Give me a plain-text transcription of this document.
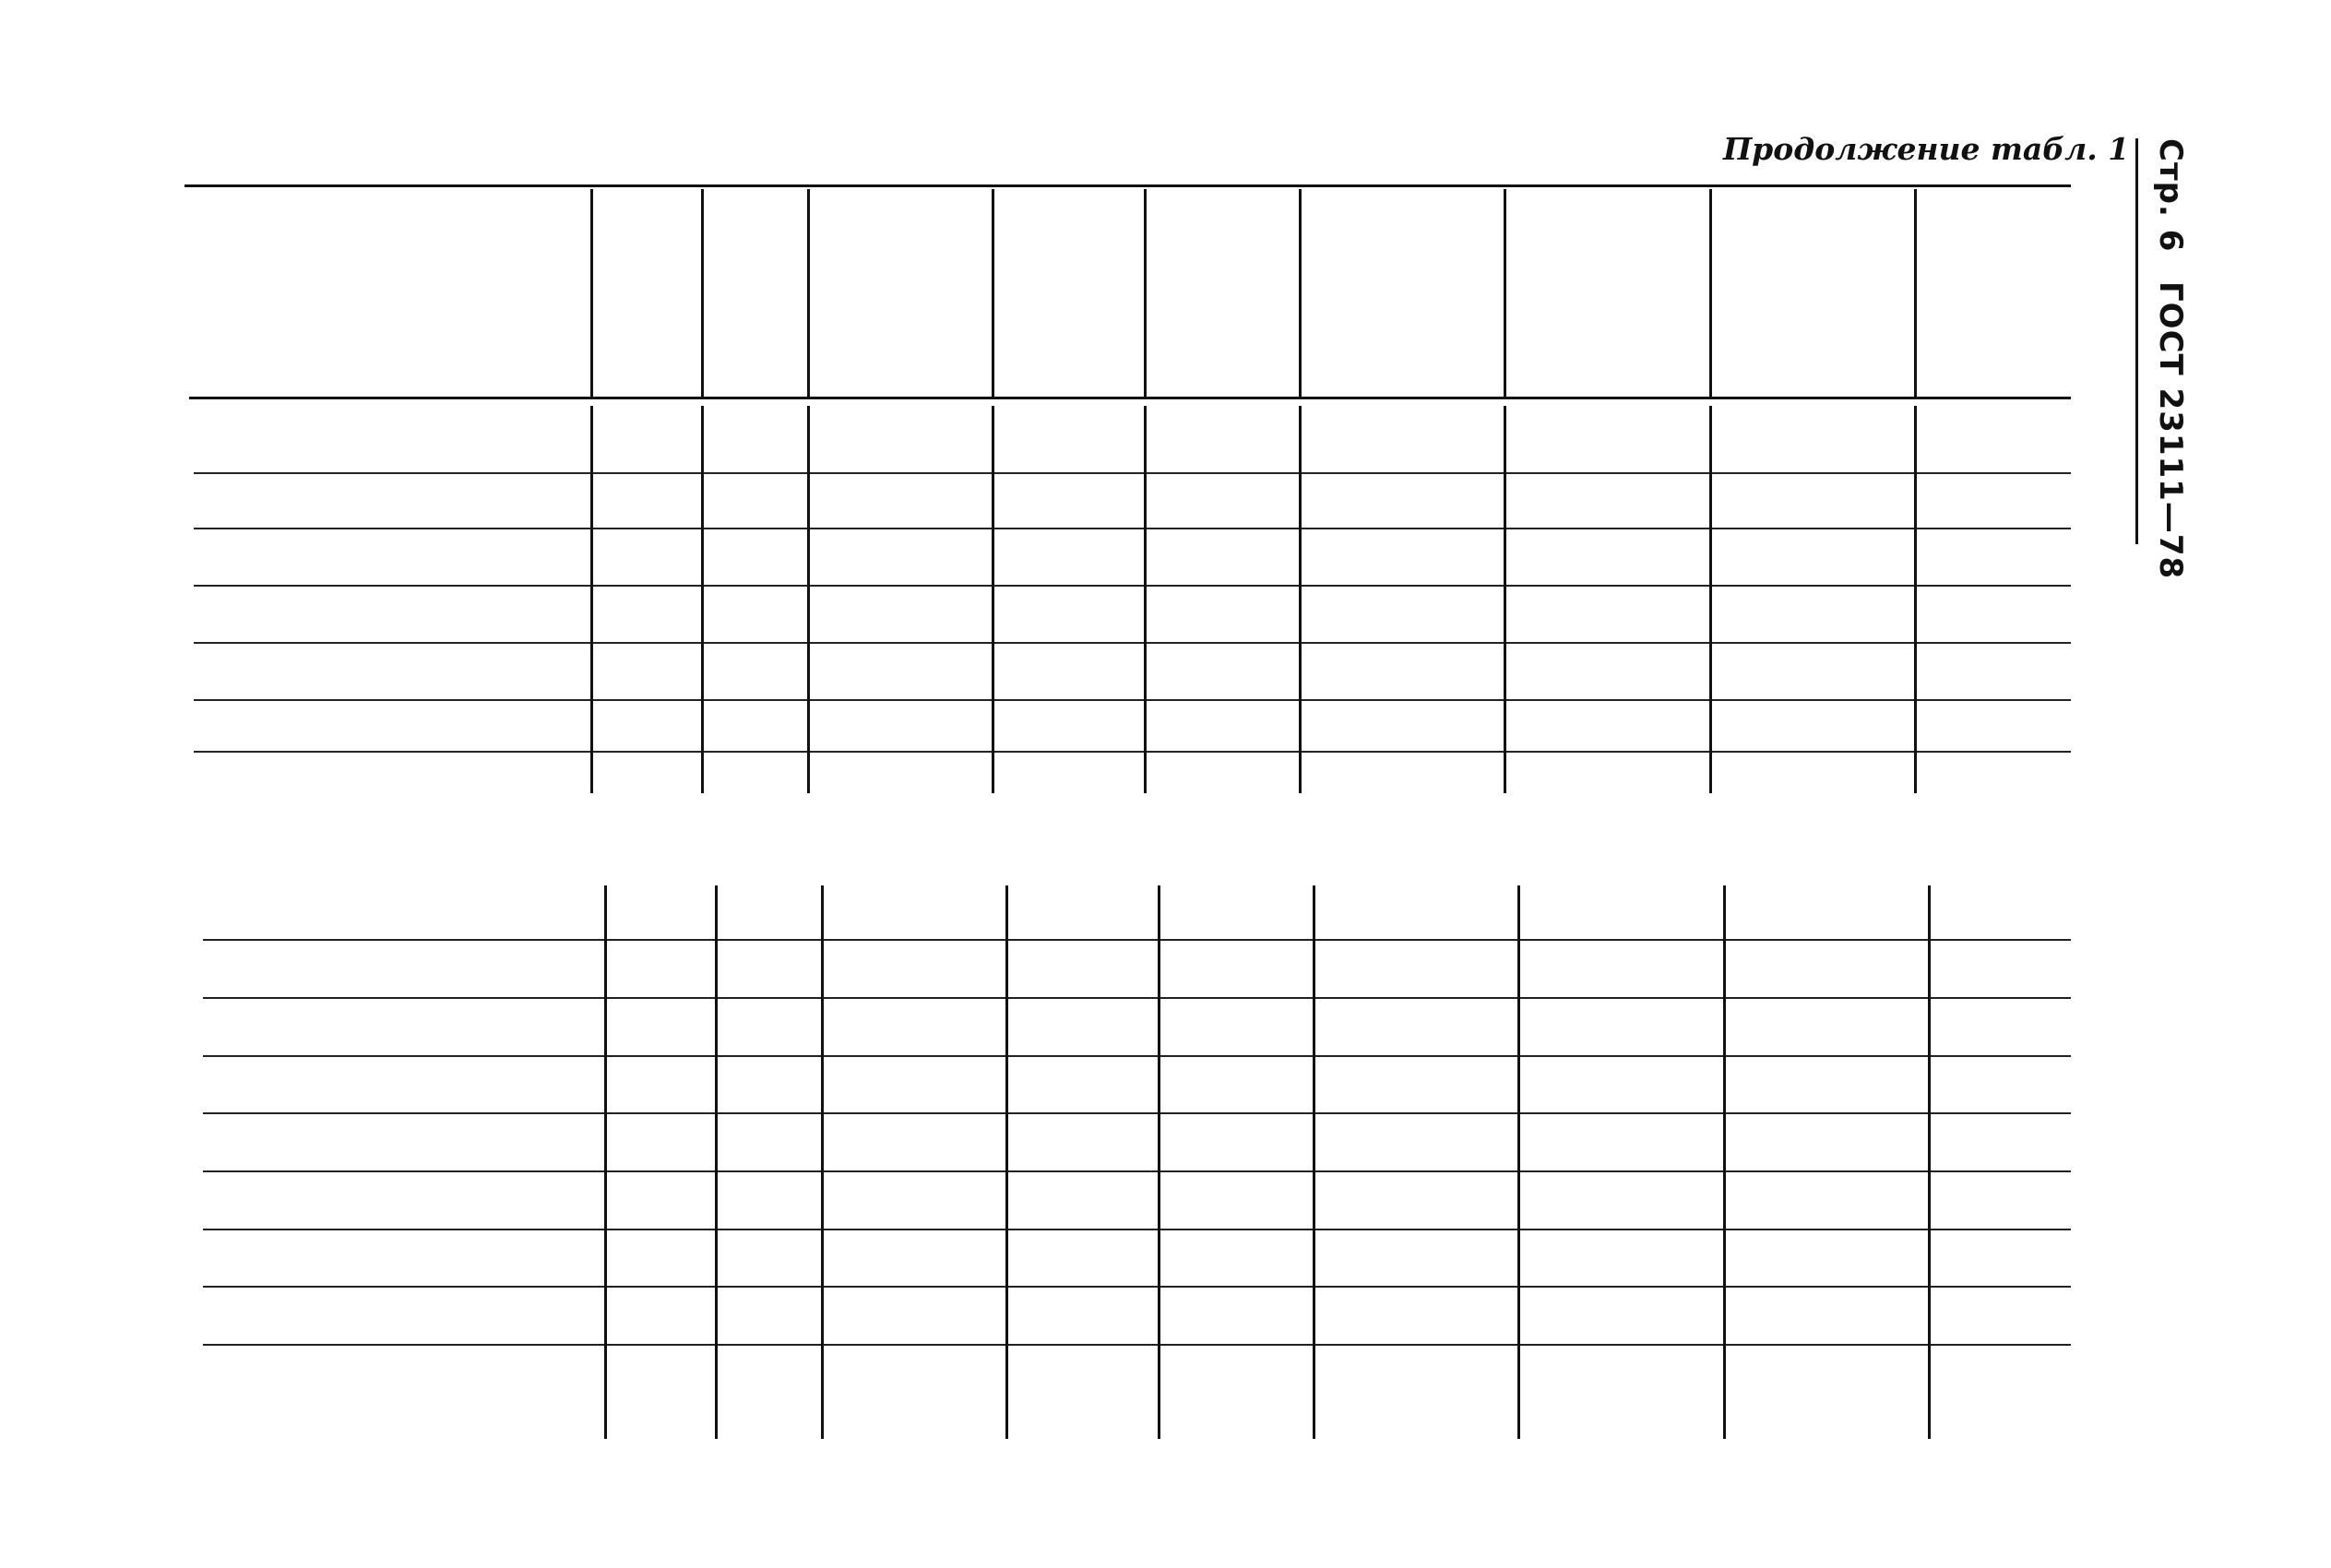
Продолжение табл. 1 Стр. 6
ГОСТ 23111—78
